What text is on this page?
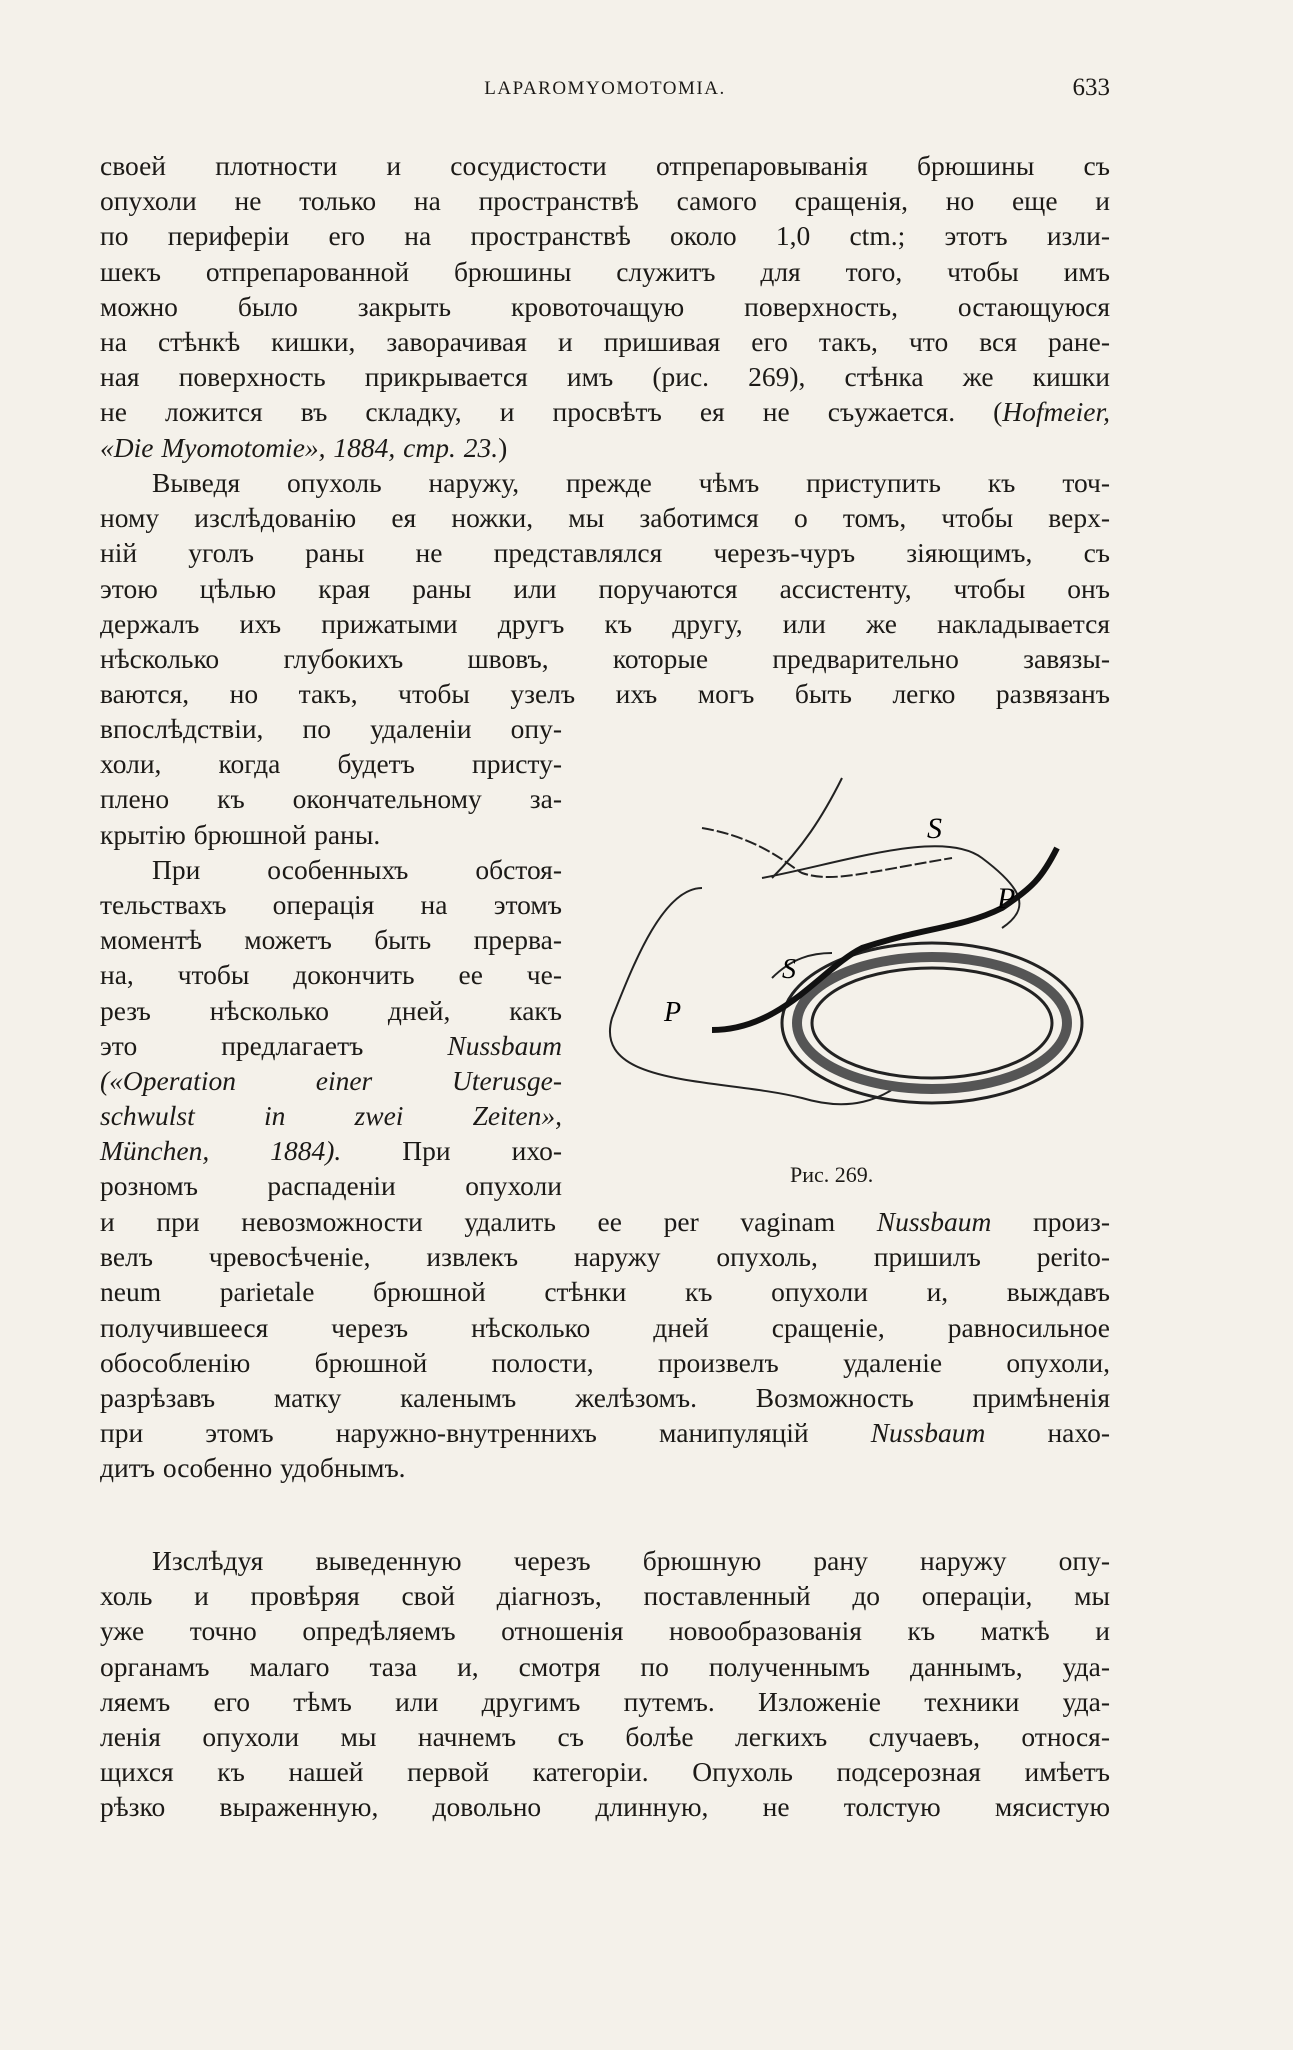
LAPAROMYOMOTOMIA.	633
своей плотности и сосудистости отпрепаровыванія брюшины съ
опухоли не только на пространствѣ самого сращенія, но еще и
по периферіи его на пространствѣ около 1,0 ctm.; этотъ изли-
шекъ отпрепарованной брюшины служитъ для того, чтобы имъ
можно было закрыть кровоточащую поверхность, остающуюся
на стѣнкѣ кишки, заворачивая и пришивая его такъ, что вся ране-
ная поверхность прикрывается имъ (рис. 269), стѣнка же кишки
не ложится въ складку, и просвѣтъ ея не съужается. (Hofmeier,
«Die Myomotomie», 1884, стр. 23.)
Выведя опухоль наружу, прежде чѣмъ приступить къ точ-
ному изслѣдованію ея ножки, мы заботимся о томъ, чтобы верх-
ній уголъ раны не представлялся черезъ-чуръ зіяющимъ, съ
этою цѣлью края раны или поручаются ассистенту, чтобы онъ
держалъ ихъ прижатыми другъ къ другу, или же накладывается
нѣсколько глубокихъ швовъ, которые предварительно завязы-
ваются, но такъ, чтобы узелъ ихъ могъ быть легко развязанъ
впослѣдствіи, по удаленіи опу-
холи, когда будетъ присту-
плено къ окончательному за-
крытію брюшной раны.
При особенныхъ обстоя-
тельствахъ операція на этомъ
моментѣ можетъ быть прерва-
на, чтобы докончить ее че-
резъ нѣсколько дней, какъ
это предлагаетъ Nussbaum
(«Operation einer Uterusge-
schwulst in zwei Zeiten»,
München, 1884). При ихо-
розномъ распаденіи опухоли
и при невозможности удалить ее per vaginam Nussbaum произ-
велъ чревосѣченіе, извлекъ наружу опухоль, пришилъ perito-
neum parietale брюшной стѣнки къ опухоли и, выждавъ
получившееся черезъ нѣсколько дней сращеніе, равносильное
обособленію брюшной полости, произвелъ удаленіе опухоли,
разрѣзавъ матку каленымъ желѣзомъ. Возможность примѣненія
при этомъ наружно-внутреннихъ манипуляцій Nussbaum нахо-
дитъ особенно удобнымъ.
Изслѣдуя выведенную черезъ брюшную рану наружу опу-
холь и провѣряя свой діагнозъ, поставленный до операціи, мы
уже точно опредѣляемъ отношенія новообразованія къ маткѣ и
органамъ малаго таза и, смотря по полученнымъ даннымъ, уда-
ляемъ его тѣмъ или другимъ путемъ. Изложеніе техники уда-
ленія опухоли мы начнемъ съ болѣе легкихъ случаевъ, относя-
щихся къ нашей первой категоріи. Опухоль подсерозная имѣетъ
рѣзко выраженную, довольно длинную, не толстую мясистую
S
P
S
P
Рис. 269.
